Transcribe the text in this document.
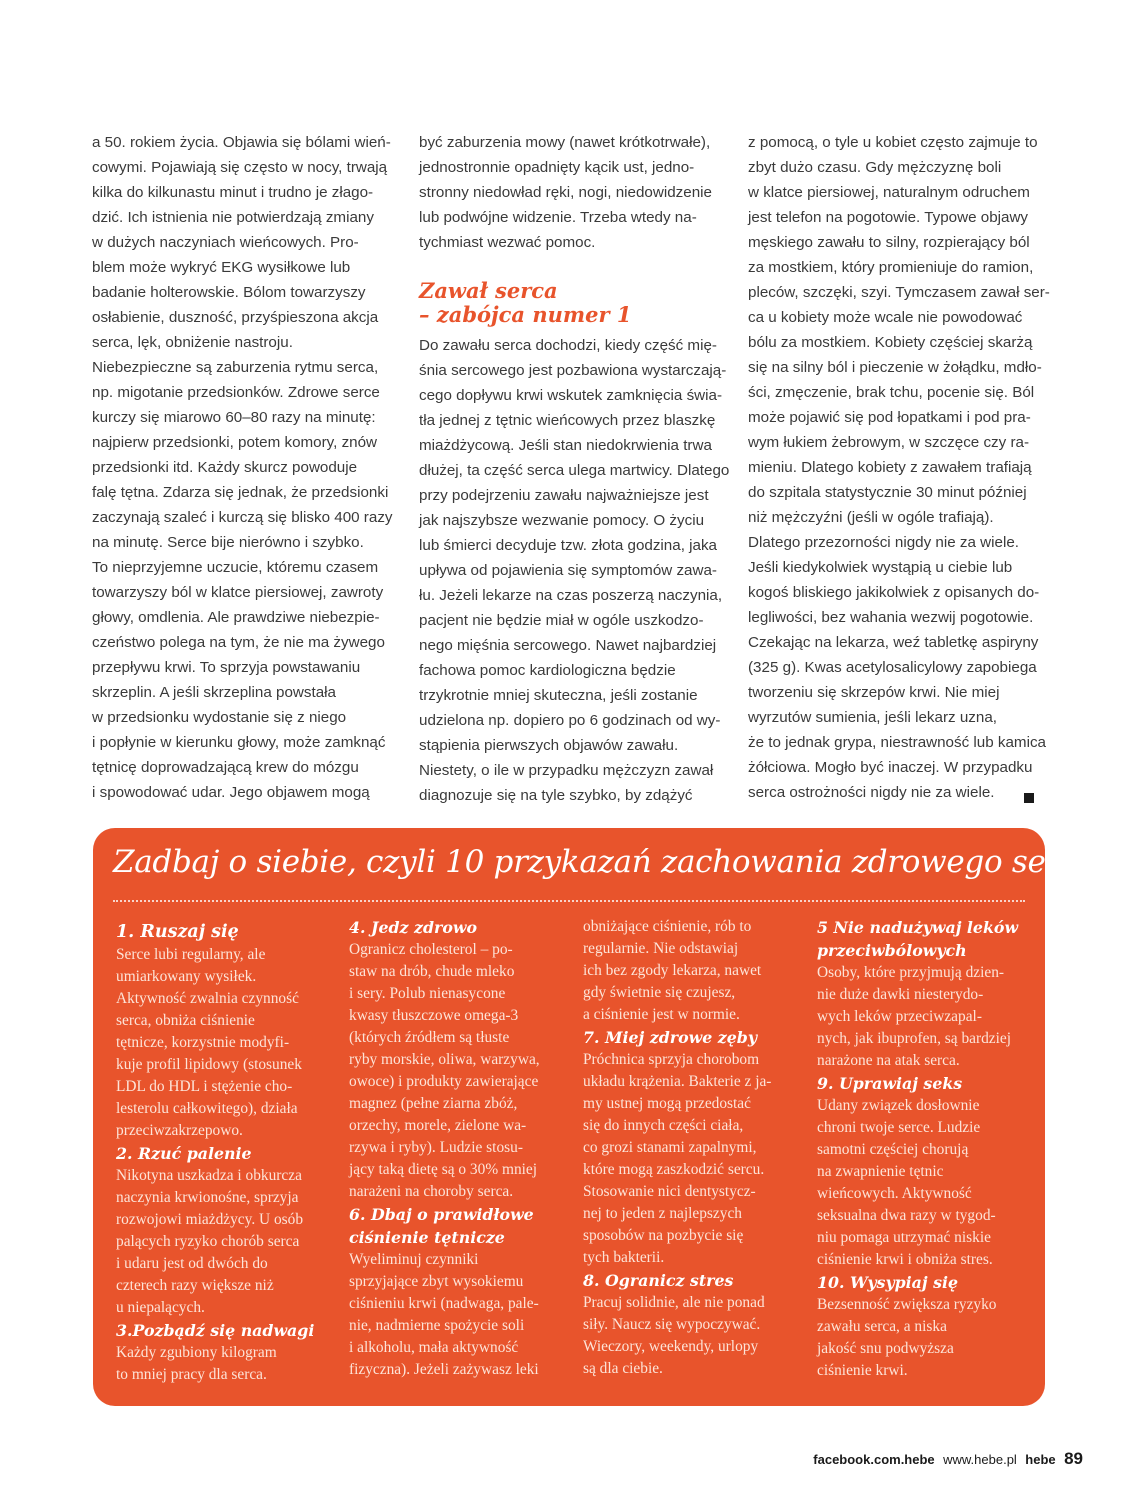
a 50. rokiem życia. Objawia się bólami wień-
cowymi. Pojawiają się często w nocy, trwają
kilka do kilkunastu minut i trudno je złago-
dzić. Ich istnienia nie potwierdzają zmiany
w dużych naczyniach wieńcowych. Pro-
blem może wykryć EKG wysiłkowe lub
badanie holterowskie. Bólom towarzyszy
osłabienie, duszność, przyśpieszona akcja
serca, lęk, obniżenie nastroju.
Niebezpieczne są zaburzenia rytmu serca,
np. migotanie przedsionków. Zdrowe serce
kurczy się miarowo 60–80 razy na minutę:
najpierw przedsionki, potem komory, znów
przedsionki itd. Każdy skurcz powoduje
falę tętna. Zdarza się jednak, że przedsionki
zaczynają szaleć i kurczą się blisko 400 razy
na minutę. Serce bije nierówno i szybko.
To nieprzyjemne uczucie, któremu czasem
towarzyszy ból w klatce piersiowej, zawroty
głowy, omdlenia. Ale prawdziwe niebezpie-
czeństwo polega na tym, że nie ma żywego
przepływu krwi. To sprzyja powstawaniu
skrzeplin. A jeśli skrzeplina powstała
w przedsionku wydostanie się z niego
i popłynie w kierunku głowy, może zamknąć
tętnicę doprowadzającą krew do mózgu
i spowodować udar. Jego objawem mogą
być zaburzenia mowy (nawet krótkotrwałe),
jednostronnie opadnięty kącik ust, jedno-
stronny niedowład ręki, nogi, niedowidzenie
lub podwójne widzenie. Trzeba wtedy na-
tychmiast wezwać pomoc.
Zawał serca
– zabójca numer 1
Do zawału serca dochodzi, kiedy część mię-
śnia sercowego jest pozbawiona wystarczają-
cego dopływu krwi wskutek zamknięcia świa-
tła jednej z tętnic wieńcowych przez blaszkę
miażdżycową. Jeśli stan niedokrwienia trwa
dłużej, ta część serca ulega martwicy. Dlatego
przy podejrzeniu zawału najważniejsze jest
jak najszybsze wezwanie pomocy. O życiu
lub śmierci decyduje tzw. złota godzina, jaka
upływa od pojawienia się symptomów zawa-
łu. Jeżeli lekarze na czas poszerzą naczynia,
pacjent nie będzie miał w ogóle uszkodzo-
nego mięśnia sercowego. Nawet najbardziej
fachowa pomoc kardiologiczna będzie
trzykrotnie mniej skuteczna, jeśli zostanie
udzielona np. dopiero po 6 godzinach od wy-
stąpienia pierwszych objawów zawału.
Niestety, o ile w przypadku mężczyzn zawał
diagnozuje się na tyle szybko, by zdążyć
z pomocą, o tyle u kobiet często zajmuje to
zbyt dużo czasu. Gdy mężczyznę boli
w klatce piersiowej, naturalnym odruchem
jest telefon na pogotowie. Typowe objawy
męskiego zawału to silny, rozpierający ból
za mostkiem, który promieniuje do ramion,
pleców, szczęki, szyi. Tymczasem zawał ser-
ca u kobiety może wcale nie powodować
bólu za mostkiem. Kobiety częściej skarżą
się na silny ból i pieczenie w żołądku, mdło-
ści, zmęczenie, brak tchu, pocenie się. Ból
może pojawić się pod łopatkami i pod pra-
wym łukiem żebrowym, w szczęce czy ra-
mieniu. Dlatego kobiety z zawałem trafiają
do szpitala statystycznie 30 minut później
niż mężczyźni (jeśli w ogóle trafiają).
Dlatego przezorności nigdy nie za wiele.
Jeśli kiedykolwiek wystąpią u ciebie lub
kogoś bliskiego jakikolwiek z opisanych do-
legliwości, bez wahania wezwij pogotowie.
Czekając na lekarza, weź tabletkę aspiryny
(325 g). Kwas acetylosalicylowy zapobiega
tworzeniu się skrzepów krwi. Nie miej
wyrzutów sumienia, jeśli lekarz uzna,
że to jednak grypa, niestrawność lub kamica
żółciowa. Mogło być inaczej. W przypadku
serca ostrożności nigdy nie za wiele.
Zadbaj o siebie, czyli 10 przykazań zachowania zdrowego serca
1. Ruszaj się
Serce lubi regularny, ale
umiarkowany wysiłek.
Aktywność zwalnia czynność
serca, obniża ciśnienie
tętnicze, korzystnie modyfi-
kuje profil lipidowy (stosunek
LDL do HDL i stężenie cho-
lesterolu całkowitego), działa
przeciwzakrzepowo.
2. Rzuć palenie
Nikotyna uszkadza i obkurcza
naczynia krwionośne, sprzyja
rozwojowi miażdżycy. U osób
palących ryzyko chorób serca
i udaru jest od dwóch do
czterech razy większe niż
u niepalących.
3.Pozbądź się nadwagi
Każdy zgubiony kilogram
to mniej pracy dla serca.
4. Jedz zdrowo
Ogranicz cholesterol – po-
staw na drób, chude mleko
i sery. Polub nienasycone
kwasy tłuszczowe omega-3
(których źródłem są tłuste
ryby morskie, oliwa, warzywa,
owoce) i produkty zawierające
magnez (pełne ziarna zbóż,
orzechy, morele, zielone wa-
rzywa i ryby). Ludzie stosu-
jący taką dietę są o 30% mniej
narażeni na choroby serca.
6. Dbaj o prawidłowe
ciśnienie tętnicze
Wyeliminuj czynniki
sprzyjające zbyt wysokiemu
ciśnieniu krwi (nadwaga, pale-
nie, nadmierne spożycie soli
i alkoholu, mała aktywność
fizyczna). Jeżeli zażywasz leki
obniżające ciśnienie, rób to
regularnie. Nie odstawiaj
ich bez zgody lekarza, nawet
gdy świetnie się czujesz,
a ciśnienie jest w normie.
7. Miej zdrowe zęby
Próchnica sprzyja chorobom
układu krążenia. Bakterie z ja-
my ustnej mogą przedostać
się do innych części ciała,
co grozi stanami zapalnymi,
które mogą zaszkodzić sercu.
Stosowanie nici dentystycz-
nej to jeden z najlepszych
sposobów na pozbycie się
tych bakterii.
8. Ogranicz stres
Pracuj solidnie, ale nie ponad
siły. Naucz się wypoczywać.
Wieczory, weekendy, urlopy
są dla ciebie.
5 Nie nadużywaj leków
przeciwbólowych
Osoby, które przyjmują dzien-
nie duże dawki niesterydo-
wych leków przeciwzapal-
nych, jak ibuprofen, są bardziej
narażone na atak serca.
9. Uprawiaj seks
Udany związek dosłownie
chroni twoje serce. Ludzie
samotni częściej chorują
na zwapnienie tętnic
wieńcowych. Aktywność
seksualna dwa razy w tygod-
niu pomaga utrzymać niskie
ciśnienie krwi i obniża stres.
10. Wysypiaj się
Bezsenność zwiększa ryzyko
zawału serca, a niska
jakość snu podwyższa
ciśnienie krwi.
facebook.com.hebe www.hebe.pl hebe 89
